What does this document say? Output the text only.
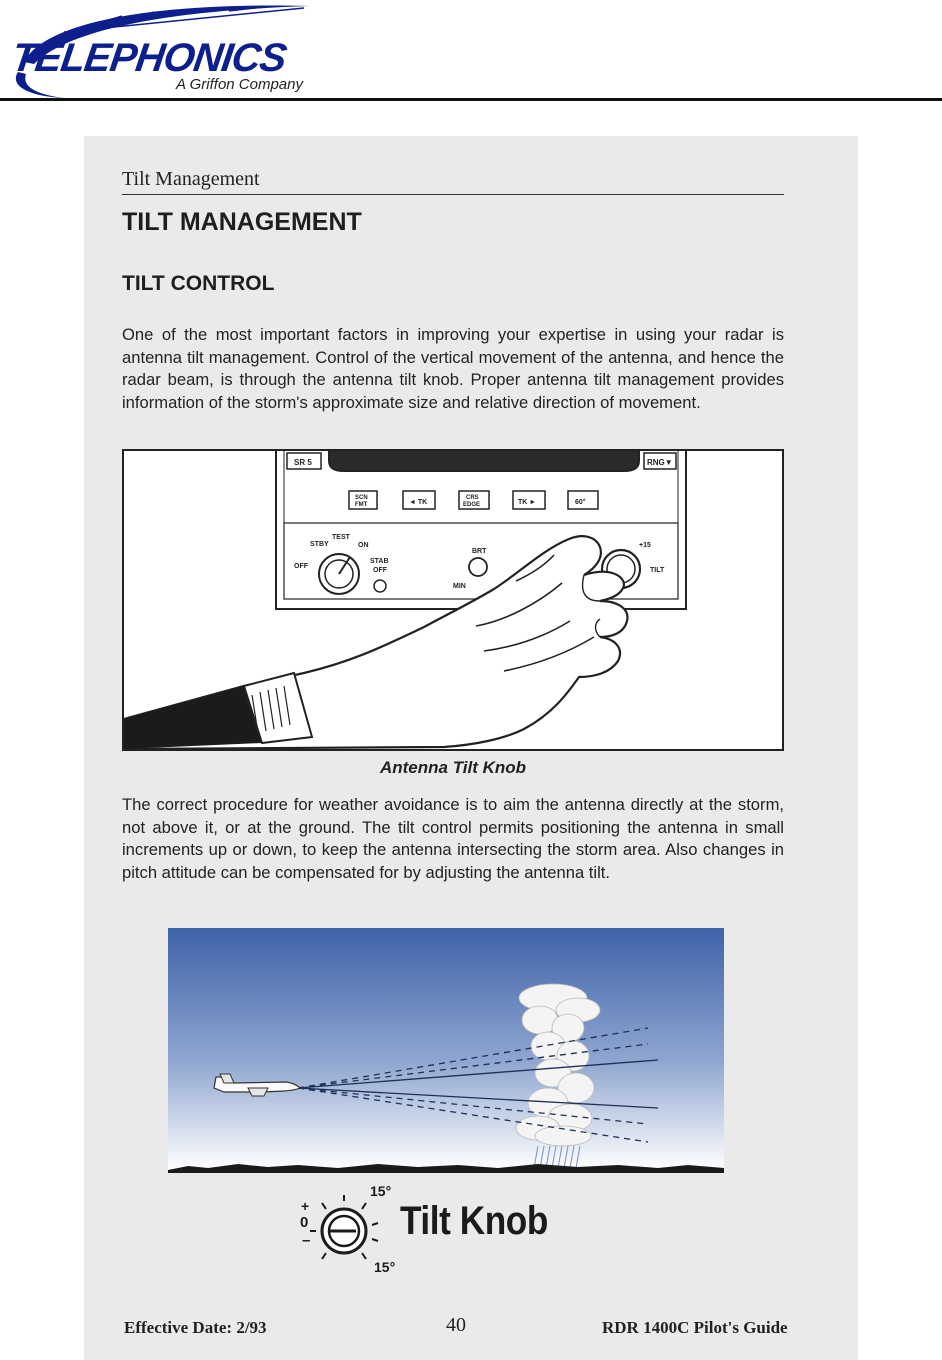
TELEPHONICS
A Griffon Company
Tilt Management
TILT MANAGEMENT
TILT CONTROL

One of the most important factors in improving your expertise in using your radar is antenna tilt management. Control of the vertical movement of the antenna, and hence the radar beam, is through the antenna tilt knob. Proper antenna tilt management provides information of the storm's approximate size and relative direction of movement.

SR 5	RNG▼
SCN
FMT	◄ TK
CRS
EDGE	TK ►	60°
STBY
TEST
ON
OFF
STAB
OFF
BRT
MIN
+15
TILT
Antenna Tilt Knob

The correct procedure for weather avoidance is to aim the antenna directly at the storm, not above it, or at the ground. The tilt control permits positioning the antenna in small increments up or down, to keep the antenna intersecting the storm area. Also changes in pitch attitude can be compensated for by adjusting the antenna tilt.

15°
15°
+
0
– Tilt Knob
Effective Date: 2/93	40	RDR 1400C Pilot's Guide
